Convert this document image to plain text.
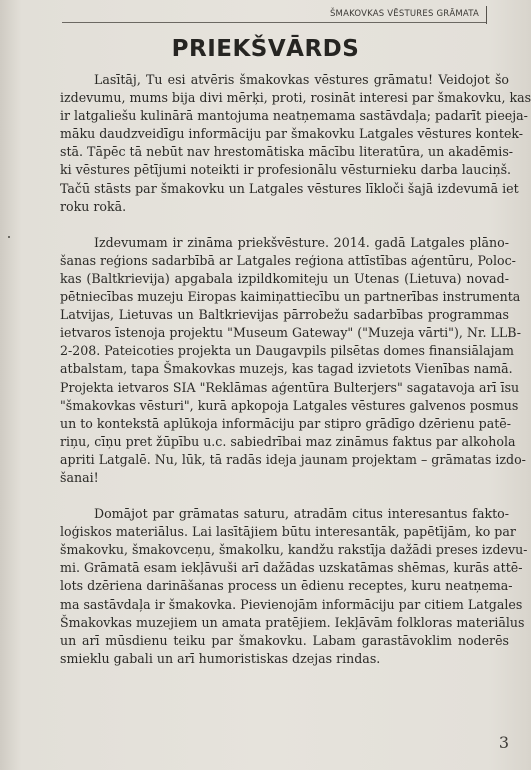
ŠMAKOVKAS VĒSTURES GRĀMATA
PRIEKŠVĀRDS
Lasītāj, Tu esi atvēris šmakovkas vēstures grāmatu! Veidojot šo
izdevumu, mums bija divi mērķi, proti, rosināt interesi par šmakovku, kas
ir latgaliešu kulinārā mantojuma neatņemama sastāvdaļa; padarīt pieeja-
māku daudzveidīgu informāciju par šmakovku Latgales vēstures kontek-
stā. Tāpēc tā nebūt nav hrestomātiska mācību literatūra, un akadēmis-
ki vēstures pētījumi noteikti ir profesionālu vēsturnieku darba lauciņš.
Tačū stāsts par šmakovku un Latgales vēstures līkloči šajā izdevumā iet
roku rokā.
Izdevumam ir zināma priekšvēsture. 2014. gadā Latgales plāno-
šanas reģions sadarbībā ar Latgales reģiona attīstības aģentūru, Poloc-
kas (Baltkrievija) apgabala izpildkomiteju un Utenas (Lietuva) novad-
pētniecības muzeju Eiropas kaimiņattiecību un partnerības instrumenta
Latvijas, Lietuvas un Baltkrievijas pārrobežu sadarbības programmas
ietvaros īstenoja projektu "Museum Gateway" ("Muzeja vārti"), Nr. LLB-
2-208. Pateicoties projekta un Daugavpils pilsētas domes finansiālajam
atbalstam, tapa Šmakovkas muzejs, kas tagad izvietots Vienības namā.
Projekta ietvaros SIA "Reklāmas aģentūra Bulterjers" sagatavoja arī īsu
"šmakovkas vēsturi", kurā apkopoja Latgales vēstures galvenos posmus
un to kontekstā aplūkoja informāciju par stipro grādīgo dzērienu patē-
riņu, cīņu pret žūpību u.c. sabiedrībai maz zināmus faktus par alkohola
apriti Latgalē. Nu, lūk, tā radās ideja jaunam projektam – grāmatas izdo-
šanai!
Domājot par grāmatas saturu, atradām citus interesantus fakto-
loģiskos materiālus. Lai lasītājiem būtu interesantāk, papētījām, ko par
šmakovku, šmakovceņu, šmakolku, kandžu rakstīja dažādi preses izdevu-
mi. Grāmatā esam iekļāvuši arī dažādas uzskatāmas shēmas, kurās attē-
lots dzēriena darināšanas process un ēdienu receptes, kuru neatņema-
ma sastāvdaļa ir šmakovka. Pievienojām informāciju par citiem Latgales
Šmakovkas muzejiem un amata pratējiem. Iekļāvām folkloras materiālus
un arī mūsdienu teiku par šmakovku. Labam garastāvoklim noderēs
smieklu gabali un arī humoristiskas dzejas rindas.
3
